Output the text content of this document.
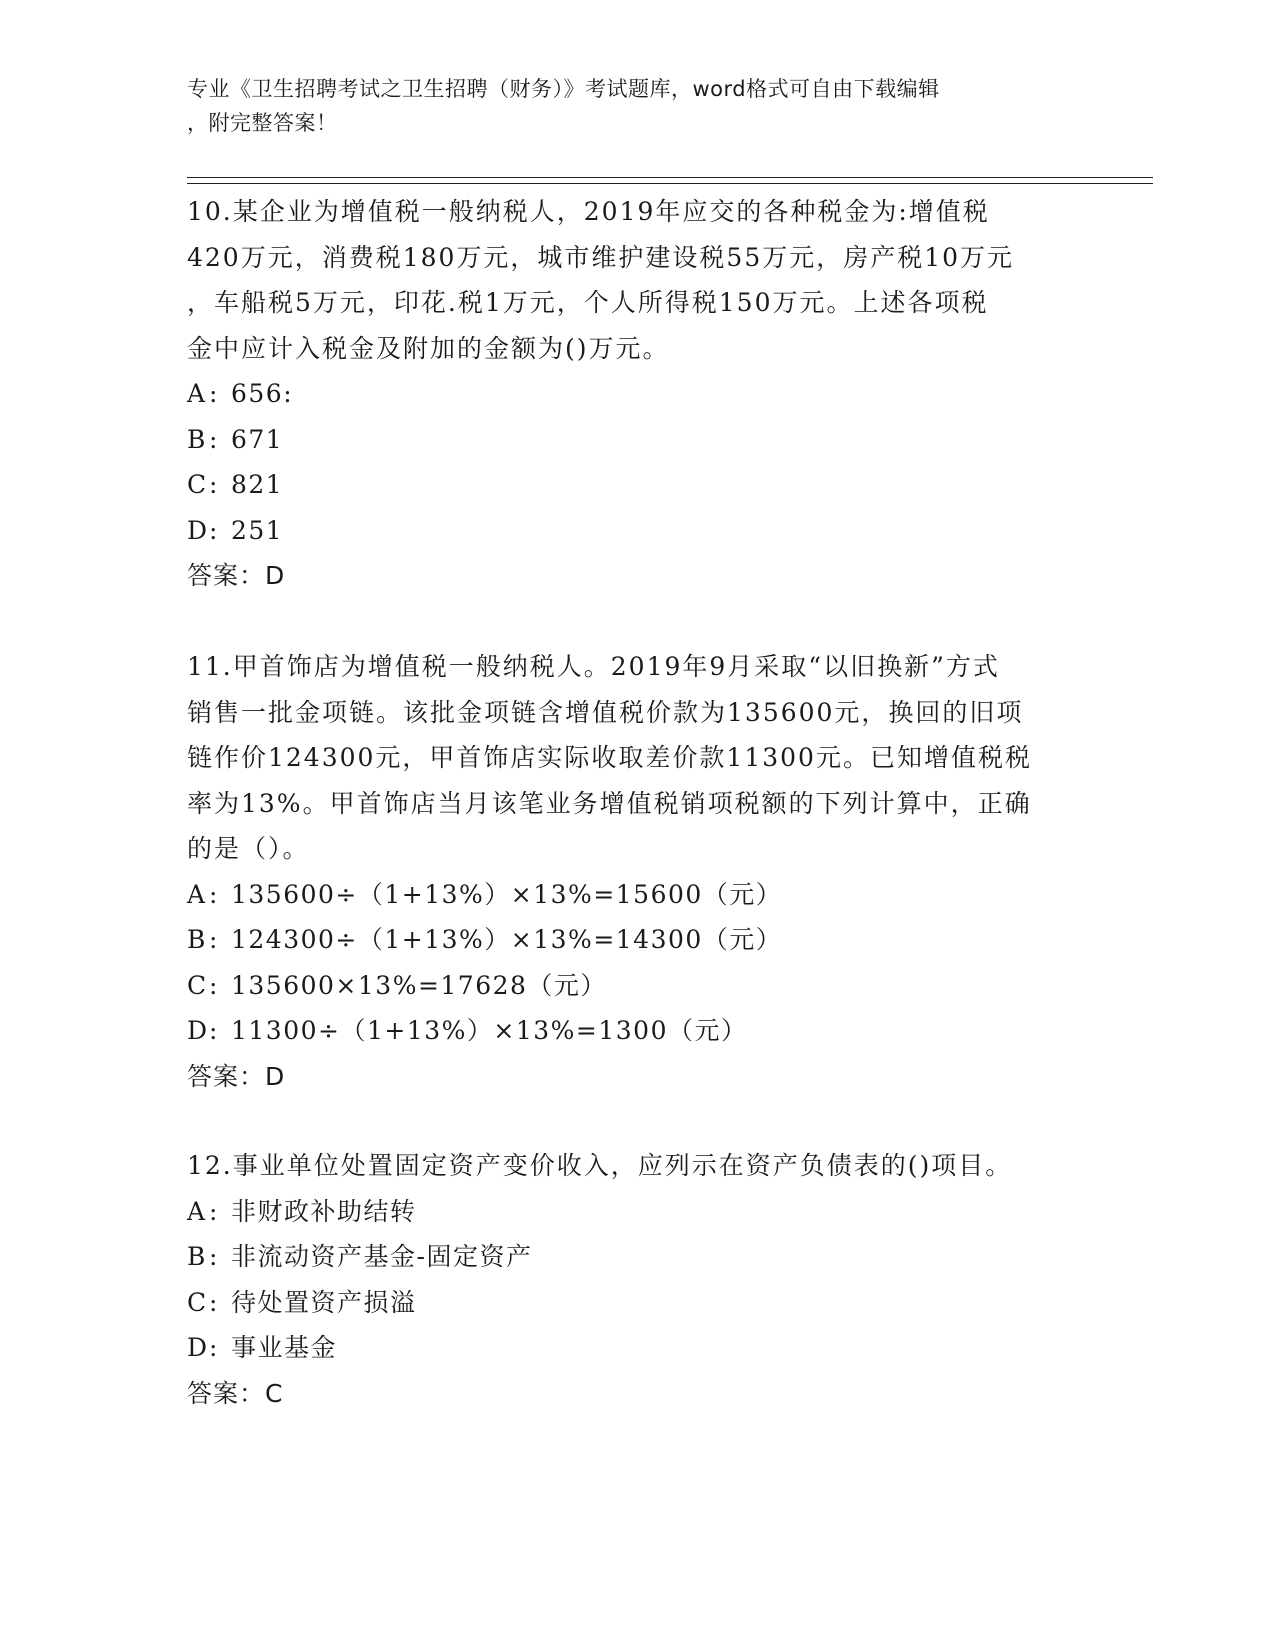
专业《卫生招聘考试之卫生招聘（财务）》考试题库，word格式可自由下载编辑
，附完整答案！
10.某企业为增值税一般纳税人，2019年应交的各种税金为:增值税
420万元，消费税180万元，城市维护建设税55万元，房产税10万元
，车船税5万元，印花.税1万元，个人所得税150万元。上述各项税
金中应计入税金及附加的金额为()万元。
A: 656:
B: 671
C: 821
D: 251
答案：D
11.甲首饰店为增值税一般纳税人。2019年9月采取“以旧换新”方式
销售一批金项链。该批金项链含增值税价款为135600元，换回的旧项
链作价124300元，甲首饰店实际收取差价款11300元。已知增值税税
率为13%。甲首饰店当月该笔业务增值税销项税额的下列计算中，正确
的是（）。
A: 135600÷（1+13%）×13%=15600（元）
B: 124300÷（1+13%）×13%=14300（元）
C: 135600×13%=17628（元）
D: 11300÷（1+13%）×13%=1300（元）
答案：D
12.事业单位处置固定资产变价收入，应列示在资产负债表的()项目。
A: 非财政补助结转
B: 非流动资产基金-固定资产
C: 待处置资产损溢
D: 事业基金
答案：C
